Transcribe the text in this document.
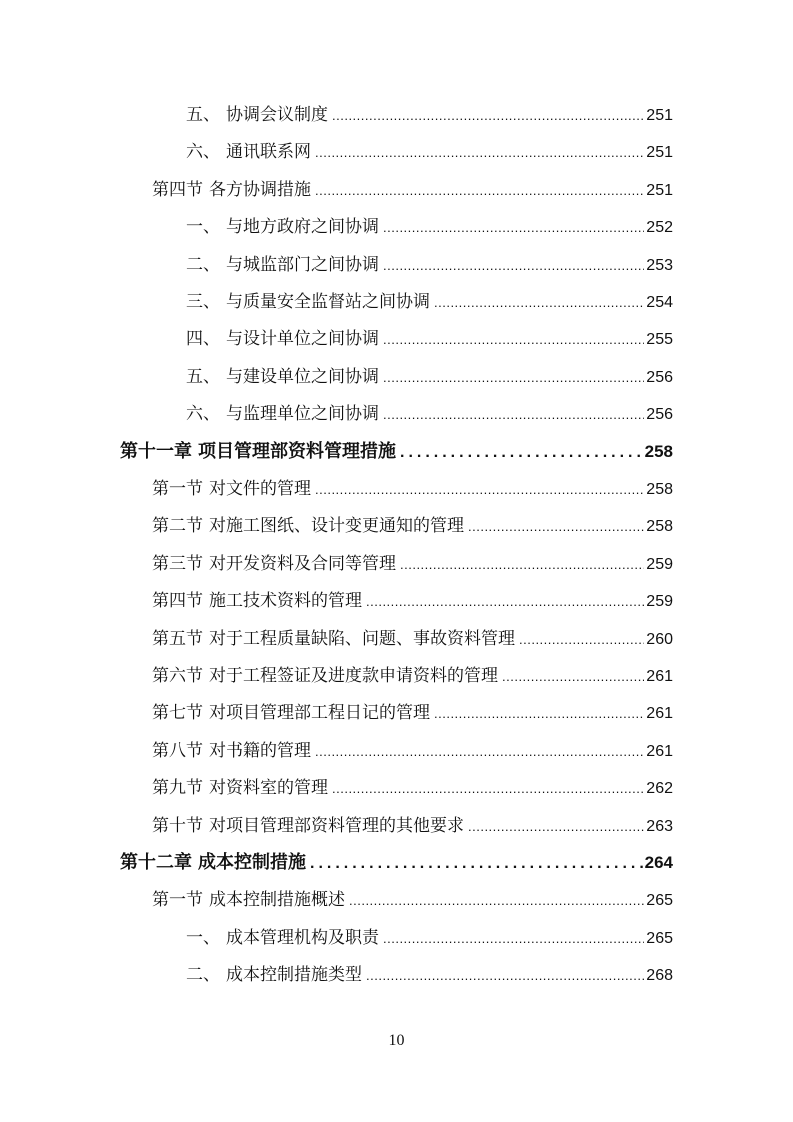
五、 协调会议制度 .....	251
六、 通讯联系网 .....	251
第四节 各方协调措施 .....	251
一、 与地方政府之间协调 .....	252
二、 与城监部门之间协调 .....	253
三、 与质量安全监督站之间协调 .....	254
四、 与设计单位之间协调 .....	255
五、 与建设单位之间协调 .....	256
六、 与监理单位之间协调 .....	256
第十一章 项目管理部资料管理措施 .....	258
第一节 对文件的管理 .....	258
第二节 对施工图纸、设计变更通知的管理 .....	258
第三节 对开发资料及合同等管理 .....	259
第四节 施工技术资料的管理 .....	259
第五节 对于工程质量缺陷、问题、事故资料管理 .....	260
第六节 对于工程签证及进度款申请资料的管理 .....	261
第七节 对项目管理部工程日记的管理 .....	261
第八节 对书籍的管理 .....	261
第九节 对资料室的管理 .....	262
第十节 对项目管理部资料管理的其他要求 .....	263
第十二章 成本控制措施 .....	264
第一节 成本控制措施概述 .....	265
一、 成本管理机构及职责 .....	265
二、 成本控制措施类型 .....	268
10
